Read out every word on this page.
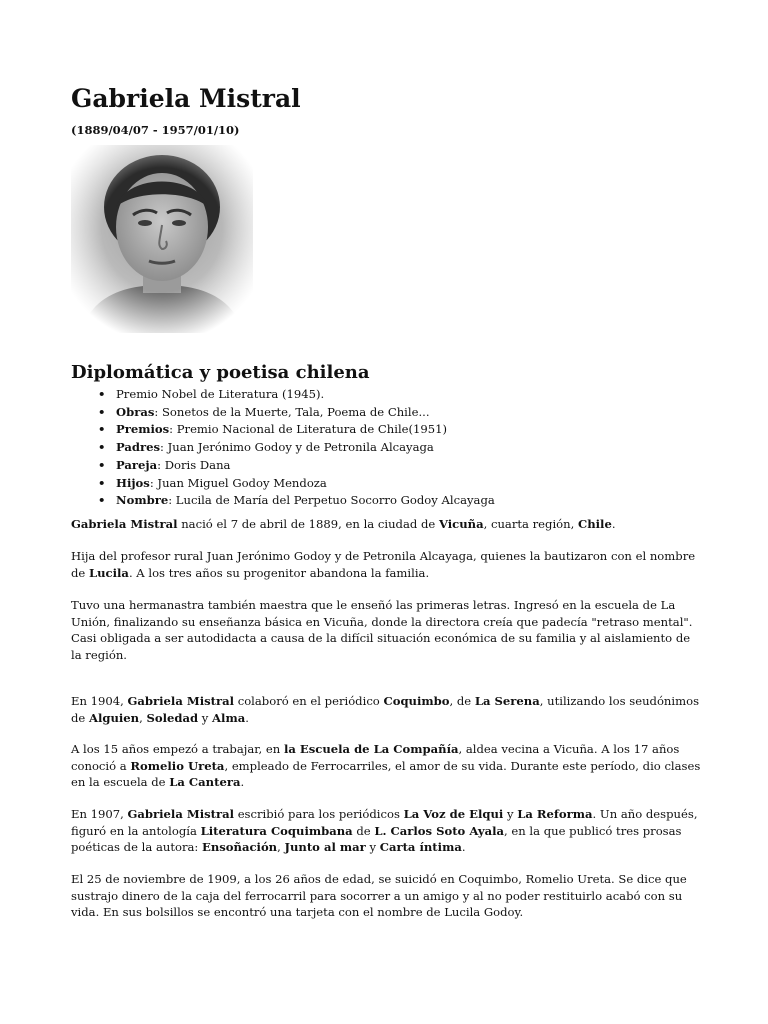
Gabriela Mistral
(1889/04/07 - 1957/01/10)
Diplomática y poetisa chilena
• Premio Nobel de Literatura (1945).
• Obras: Sonetos de la Muerte, Tala, Poema de Chile...
• Premios: Premio Nacional de Literatura de Chile(1951)
• Padres: Juan Jerónimo Godoy y de Petronila Alcayaga
• Pareja: Doris Dana
• Hijos: Juan Miguel Godoy Mendoza
• Nombre: Lucila de María del Perpetuo Socorro Godoy Alcayaga

Gabriela Mistral nació el 7 de abril de 1889, en la ciudad de Vicuña, cuarta región, Chile.

Hija del profesor rural Juan Jerónimo Godoy y de Petronila Alcayaga, quienes la bautizaron con el nombre de Lucila. A los tres años su progenitor abandona la familia.

Tuvo una hermanastra también maestra que le enseñó las primeras letras. Ingresó en la escuela de La Unión, finalizando su enseñanza básica en Vicuña, donde la directora creía que padecía "retraso mental". Casi obligada a ser autodidacta a causa de la difícil situación económica de su familia y al aislamiento de la región.

En 1904, Gabriela Mistral colaboró en el periódico Coquimbo, de La Serena, utilizando los seudónimos de Alguien, Soledad y Alma.

A los 15 años empezó a trabajar, en la Escuela de La Compañía, aldea vecina a Vicuña. A los 17 años conoció a Romelio Ureta, empleado de Ferrocarriles, el amor de su vida. Durante este período, dio clases en la escuela de La Cantera.

En 1907, Gabriela Mistral escribió para los periódicos La Voz de Elqui y La Reforma. Un año después, figuró en la antología Literatura Coquimbana de L. Carlos Soto Ayala, en la que publicó tres prosas poéticas de la autora: Ensoñación, Junto al mar y Carta íntima.

El 25 de noviembre de 1909, a los 26 años de edad, se suicidó en Coquimbo, Romelio Ureta. Se dice que sustrajo dinero de la caja del ferrocarril para socorrer a un amigo y al no poder restituirlo acabó con su vida. En sus bolsillos se encontró una tarjeta con el nombre de Lucila Godoy.
